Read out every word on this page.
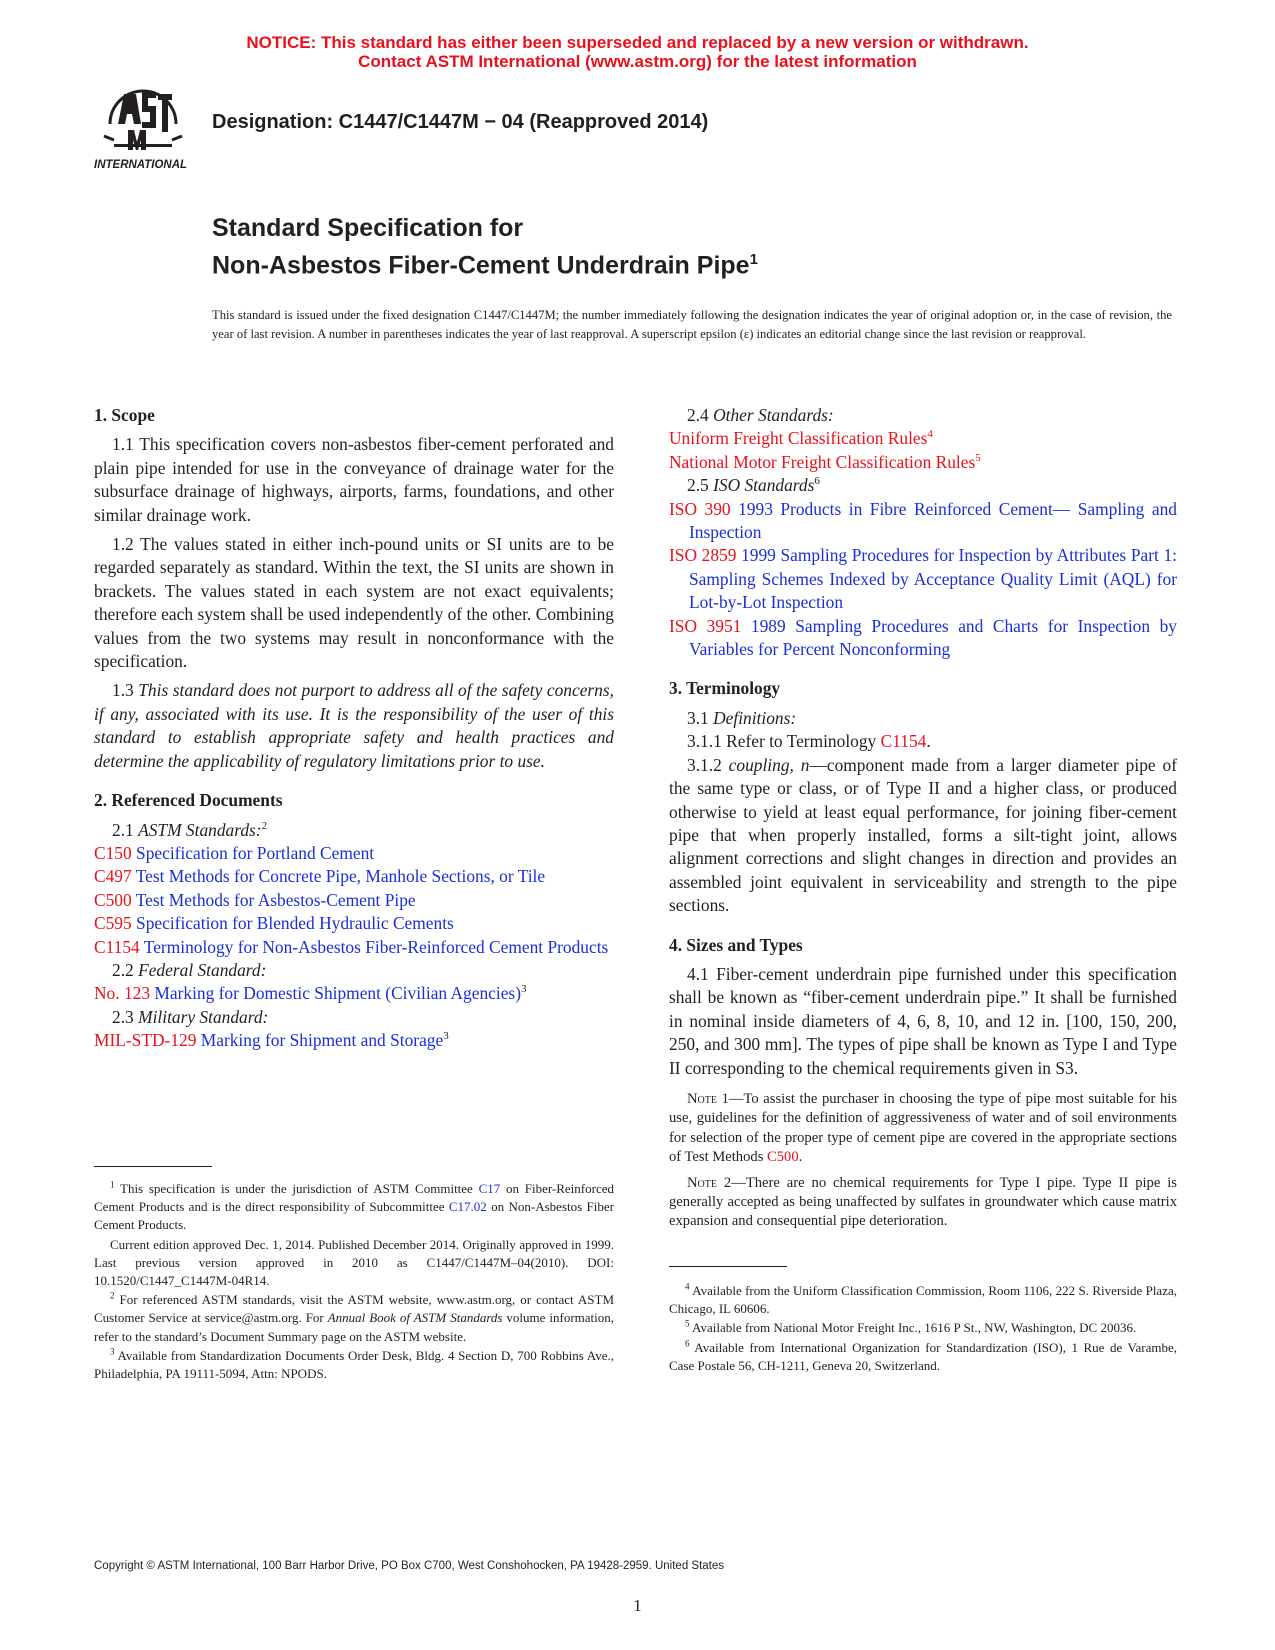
NOTICE: This standard has either been superseded and replaced by a new version or withdrawn.
Contact ASTM International (www.astm.org) for the latest information
INTERNATIONAL
Designation: C1447/C1447M − 04 (Reapproved 2014)
Standard Specification for
Non-Asbestos Fiber-Cement Underdrain Pipe$^1$
This standard is issued under the fixed designation C1447/C1447M; the number immediately following the designation indicates the year of original adoption or, in the case of revision, the year of last revision. A number in parentheses indicates the year of last reapproval. A superscript epsilon (ε) indicates an editorial change since the last revision or reapproval.
1. Scope

1.1 This specification covers non-asbestos fiber-cement perforated and plain pipe intended for use in the conveyance of drainage water for the subsurface drainage of highways, airports, farms, foundations, and other similar drainage work.

1.2 The values stated in either inch-pound units or SI units are to be regarded separately as standard. Within the text, the SI units are shown in brackets. The values stated in each system are not exact equivalents; therefore each system shall be used independently of the other. Combining values from the two systems may result in nonconformance with the specification.

1.3 This standard does not purport to address all of the safety concerns, if any, associated with its use. It is the responsibility of the user of this standard to establish appropriate safety and health practices and determine the applicability of regulatory limitations prior to use.

2. Referenced Documents

2.1 ASTM Standards:$^2$

C150 Specification for Portland Cement
C497 Test Methods for Concrete Pipe, Manhole Sections, or Tile
C500 Test Methods for Asbestos-Cement Pipe
C595 Specification for Blended Hydraulic Cements
C1154 Terminology for Non-Asbestos Fiber-Reinforced Cement Products

2.2 Federal Standard:

No. 123 Marking for Domestic Shipment (Civilian Agencies)$^3$

2.3 Military Standard:

MIL-STD-129 Marking for Shipment and Storage$^3$

2.4 Other Standards:

Uniform Freight Classification Rules$^4$
National Motor Freight Classification Rules$^5$

2.5 ISO Standards$^6$

ISO 390 1993 Products in Fibre Reinforced Cement— Sampling and Inspection
ISO 2859 1999 Sampling Procedures for Inspection by Attributes Part 1: Sampling Schemes Indexed by Acceptance Quality Limit (AQL) for Lot-by-Lot Inspection
ISO 3951 1989 Sampling Procedures and Charts for Inspection by Variables for Percent Nonconforming
3. Terminology

3.1 Definitions:

3.1.1 Refer to Terminology C1154.

3.1.2 coupling, n—component made from a larger diameter pipe of the same type or class, or of Type II and a higher class, or produced otherwise to yield at least equal performance, for joining fiber-cement pipe that when properly installed, forms a silt-tight joint, allows alignment corrections and slight changes in direction and provides an assembled joint equivalent in serviceability and strength to the pipe sections.

4. Sizes and Types

4.1 Fiber-cement underdrain pipe furnished under this specification shall be known as “fiber-cement underdrain pipe.” It shall be furnished in nominal inside diameters of 4, 6, 8, 10, and 12 in. [100, 150, 200, 250, and 300 mm]. The types of pipe shall be known as Type I and Type II corresponding to the chemical requirements given in S3.

Note 1—To assist the purchaser in choosing the type of pipe most suitable for his use, guidelines for the definition of aggressiveness of water and of soil environments for selection of the proper type of cement pipe are covered in the appropriate sections of Test Methods C500.

Note 2—There are no chemical requirements for Type I pipe. Type II pipe is generally accepted as being unaffected by sulfates in groundwater which cause matrix expansion and consequential pipe deterioration.

$^1$ This specification is under the jurisdiction of ASTM Committee C17 on Fiber-Reinforced Cement Products and is the direct responsibility of Subcommittee C17.02 on Non-Asbestos Fiber Cement Products.

Current edition approved Dec. 1, 2014. Published December 2014. Originally approved in 1999. Last previous version approved in 2010 as C1447/C1447M–04(2010). DOI: 10.1520/C1447_C1447M-04R14.

$^2$ For referenced ASTM standards, visit the ASTM website, www.astm.org, or contact ASTM Customer Service at service@astm.org. For Annual Book of ASTM Standards volume information, refer to the standard’s Document Summary page on the ASTM website.

$^3$ Available from Standardization Documents Order Desk, Bldg. 4 Section D, 700 Robbins Ave., Philadelphia, PA 19111-5094, Attn: NPODS.

$^4$ Available from the Uniform Classification Commission, Room 1106, 222 S. Riverside Plaza, Chicago, IL 60606.

$^5$ Available from National Motor Freight Inc., 1616 P St., NW, Washington, DC 20036.

$^6$ Available from International Organization for Standardization (ISO), 1 Rue de Varambe, Case Postale 56, CH-1211, Geneva 20, Switzerland.

Copyright © ASTM International, 100 Barr Harbor Drive, PO Box C700, West Conshohocken, PA 19428-2959. United States
1
